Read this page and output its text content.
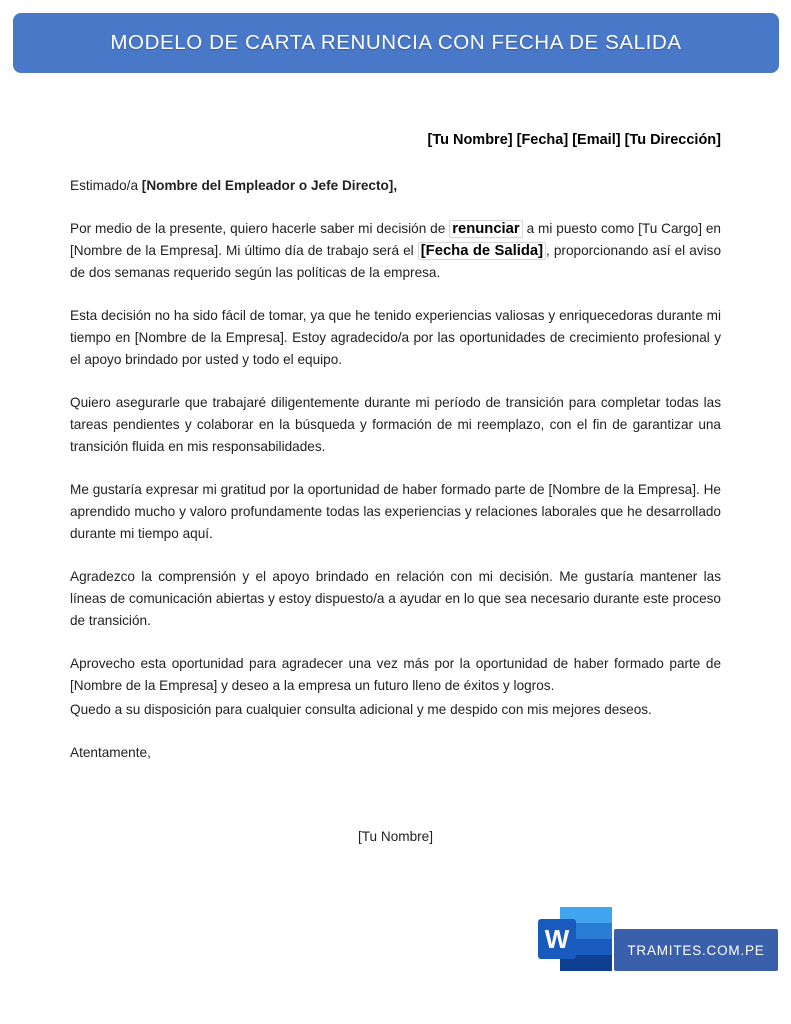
MODELO DE CARTA RENUNCIA CON FECHA DE SALIDA
[Tu Nombre] [Fecha] [Email] [Tu Dirección]

Estimado/a [Nombre del Empleador o Jefe Directo],

Por medio de la presente, quiero hacerle saber mi decisión de renunciar a mi puesto como [Tu Cargo] en [Nombre de la Empresa]. Mi último día de trabajo será el [Fecha de Salida] , proporcionando así el aviso de dos semanas requerido según las políticas de la empresa.

Esta decisión no ha sido fácil de tomar, ya que he tenido experiencias valiosas y enriquecedoras durante mi tiempo en [Nombre de la Empresa]. Estoy agradecido/a por las oportunidades de crecimiento profesional y el apoyo brindado por usted y todo el equipo.

Quiero asegurarle que trabajaré diligentemente durante mi período de transición para completar todas las tareas pendientes y colaborar en la búsqueda y formación de mi reemplazo, con el fin de garantizar una transición fluida en mis responsabilidades.

Me gustaría expresar mi gratitud por la oportunidad de haber formado parte de [Nombre de la Empresa]. He aprendido mucho y valoro profundamente todas las experiencias y relaciones laborales que he desarrollado durante mi tiempo aquí.

Agradezco la comprensión y el apoyo brindado en relación con mi decisión. Me gustaría mantener las líneas de comunicación abiertas y estoy dispuesto/a a ayudar en lo que sea necesario durante este proceso de transición.

Aprovecho esta oportunidad para agradecer una vez más por la oportunidad de haber formado parte de [Nombre de la Empresa] y deseo a la empresa un futuro lleno de éxitos y logros.

Quedo a su disposición para cualquier consulta adicional y me despido con mis mejores deseos.

Atentamente,

[Tu Nombre]
W	TRAMITES.COM.PE
